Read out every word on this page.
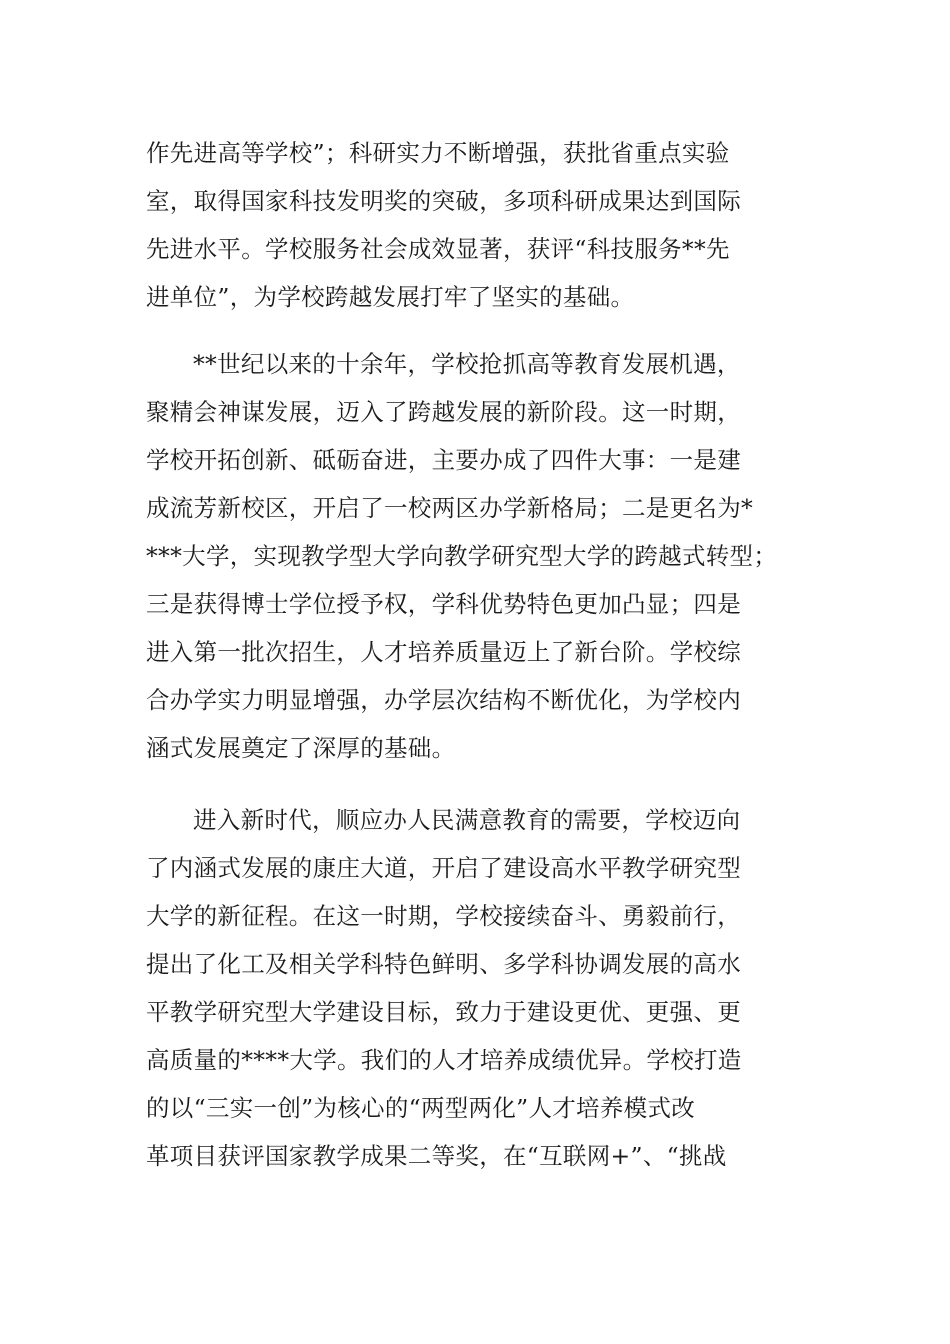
作先进高等学校”；科研实力不断增强，获批省重点实验
室，取得国家科技发明奖的突破，多项科研成果达到国际
先进水平。学校服务社会成效显著，获评“科技服务**先
进单位”，为学校跨越发展打牢了坚实的基础。
**世纪以来的十余年，学校抢抓高等教育发展机遇，
聚精会神谋发展，迈入了跨越发展的新阶段。这一时期，
学校开拓创新、砥砺奋进，主要办成了四件大事：一是建
成流芳新校区，开启了一校两区办学新格局；二是更名为*
***大学，实现教学型大学向教学研究型大学的跨越式转型；
三是获得博士学位授予权，学科优势特色更加凸显；四是
进入第一批次招生，人才培养质量迈上了新台阶。学校综
合办学实力明显增强，办学层次结构不断优化，为学校内
涵式发展奠定了深厚的基础。
进入新时代，顺应办人民满意教育的需要，学校迈向
了内涵式发展的康庄大道，开启了建设高水平教学研究型
大学的新征程。在这一时期，学校接续奋斗、勇毅前行，
提出了化工及相关学科特色鲜明、多学科协调发展的高水
平教学研究型大学建设目标，致力于建设更优、更强、更
高质量的****大学。我们的人才培养成绩优异。学校打造
的以“三实一创”为核心的“两型两化”人才培养模式改
革项目获评国家教学成果二等奖，在“互联网+”、“挑战
